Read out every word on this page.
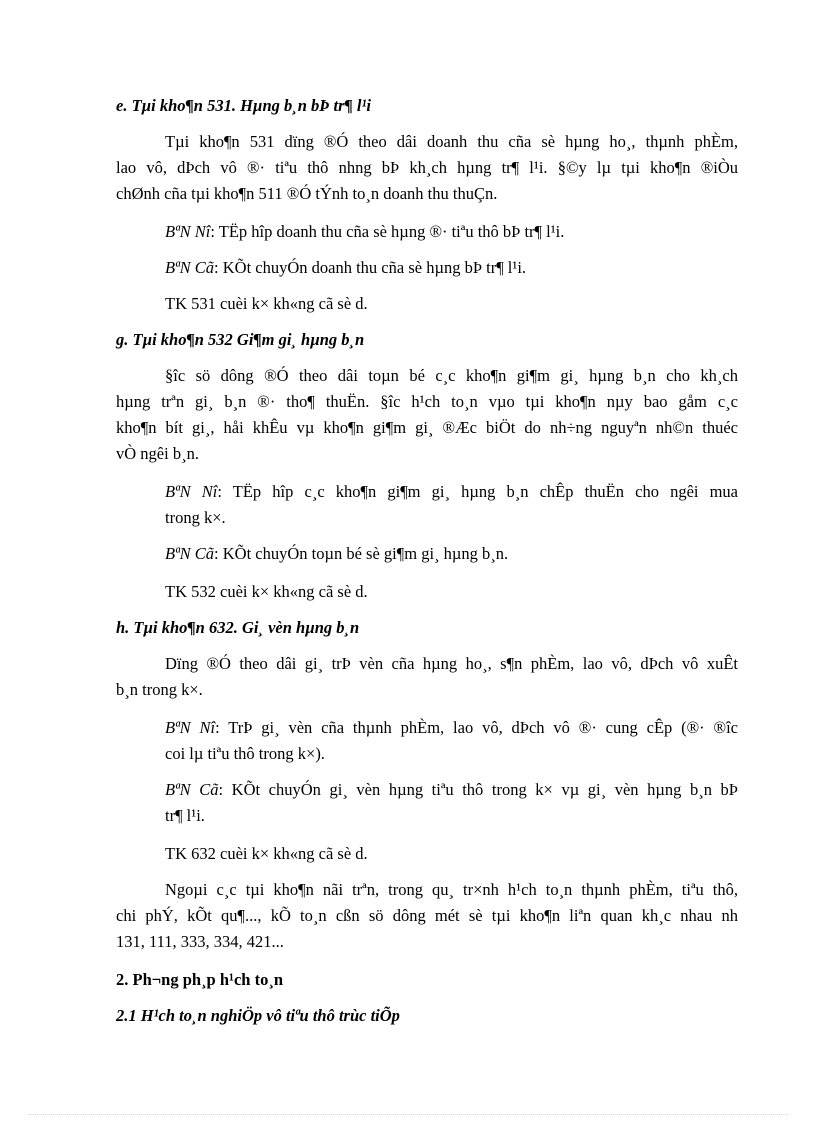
e. Tµi kho¶n 531. Hµng b¸n bÞ tr¶ l¹i
Tµi kho¶n 531 dïng ®Ó theo dâi doanh thu cña sè hµng ho¸, thµnh phÈm,
lao vô, dÞch vô ®· tiªu thô nhng bÞ kh¸ch hµng tr¶ l¹i. §©y lµ tµi kho¶n ®iÒu
chØnh cña tµi kho¶n 511 ®Ó tÝnh to¸n doanh thu thuÇn.
BªN Nî: TËp hîp doanh thu cña sè hµng ®· tiªu thô bÞ tr¶ l¹i.
BªN Cã: KÕt chuyÓn doanh thu cña sè hµng bÞ tr¶ l¹i.
TK 531 cuèi k× kh«ng cã sè d.
g. Tµi kho¶n 532 Gi¶m gi¸ hµng b¸n
§îc sö dông ®Ó theo dâi toµn bé c¸c kho¶n gi¶m gi¸ hµng b¸n cho kh¸ch
hµng trªn gi¸ b¸n ®· tho¶ thuËn. §îc h¹ch to¸n vµo tµi kho¶n nµy bao gåm c¸c
kho¶n bít gi¸, håi khÊu vµ kho¶n gi¶m gi¸ ®Æc biÖt do nh÷ng nguyªn nh©n thuéc
vÒ ngêi b¸n.
BªN Nî: TËp hîp c¸c kho¶n gi¶m gi¸ hµng b¸n chÊp thuËn cho ngêi mua
trong k×.
BªN Cã: KÕt chuyÓn toµn bé sè gi¶m gi¸ hµng b¸n.
TK 532 cuèi k× kh«ng cã sè d.
h. Tµi kho¶n 632. Gi¸ vèn hµng b¸n
Dïng ®Ó theo dâi gi¸ trÞ vèn cña hµng ho¸, s¶n phÈm, lao vô, dÞch vô xuÊt
b¸n trong k×.
BªN Nî: TrÞ gi¸ vèn cña thµnh phÈm, lao vô, dÞch vô ®· cung cÊp (®· ®îc
coi lµ tiªu thô trong k×).
BªN Cã: KÕt chuyÓn gi¸ vèn hµng tiªu thô trong k× vµ gi¸ vèn hµng b¸n bÞ
tr¶ l¹i.
TK 632 cuèi k× kh«ng cã sè d.
Ngoµi c¸c tµi kho¶n nãi trªn, trong qu¸ tr×nh h¹ch to¸n thµnh phÈm, tiªu thô,
chi phÝ, kÕt qu¶..., kÕ to¸n cßn sö dông mét sè tµi kho¶n liªn quan kh¸c nhau nh
131, 111, 333, 334, 421...
2. Ph¬ng ph¸p h¹ch to¸n
2.1 H¹ch to¸n nghiÖp vô tiªu thô trùc tiÕp
